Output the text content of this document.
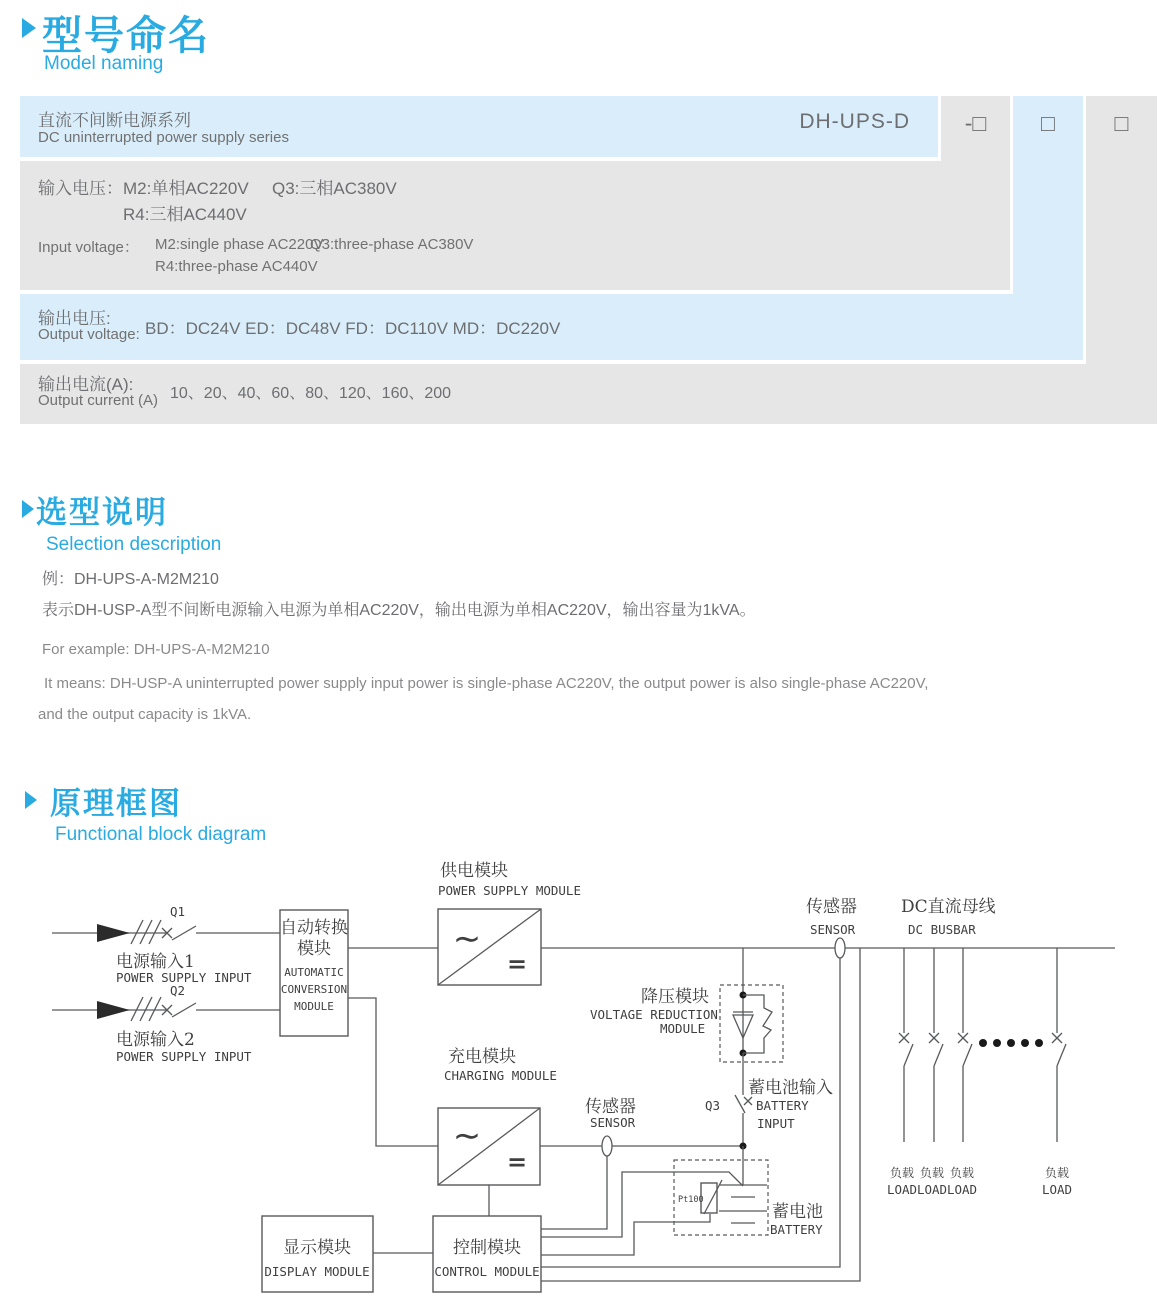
型号命名
Model naming
-□	□	□
直流不间断电源系列
DC uninterrupted power supply series
DH-UPS-D
输入电压： M2:单相AC220V Q3:三相AC380V
R4:三相AC440V
Input voltage： M2:single phase AC220V
Q3:three-phase AC380V
R4:three-phase AC440V
输出电压:
Output voltage: BD：DC24V ED：DC48V FD：DC110V MD：DC220V
输出电流(A):
Output current (A) 10、20、40、60、80、120、160、200
选型说明
Selection description
例：DH-UPS-A-M2M210
表示DH-USP-A型不间断电源输入电源为单相AC220V，输出电源为单相AC220V，输出容量为1kVA。
For example: DH-UPS-A-M2M210
It means: DH-USP-A uninterrupted power supply input power is single-phase AC220V, the output power is also single-phase AC220V,
and the output capacity is 1kVA.
原理框图
Functional block diagram
Q1
电源输入1
POWER SUPPLY INPUT
Q2
电源输入2
POWER SUPPLY INPUT
自动转换
模块
AUTOMATIC
CONVERSION
MODULE
供电模块
POWER SUPPLY MODULE
∼
=
充电模块
CHARGING MODULE
∼
=
传感器
SENSOR
降压模块
VOLTAGE REDUCTION
MODULE
蓄电池输入
Q3	BATTERY
INPUT
传感器
SENSOR
DC直流母线
DC BUSBAR
Pt100
蓄电池
BATTERY
显示模块
DISPLAY MODULE
控制模块
CONTROL MODULE
负载 负载 负载	负载
LOAD LOAD LOAD	LOAD
